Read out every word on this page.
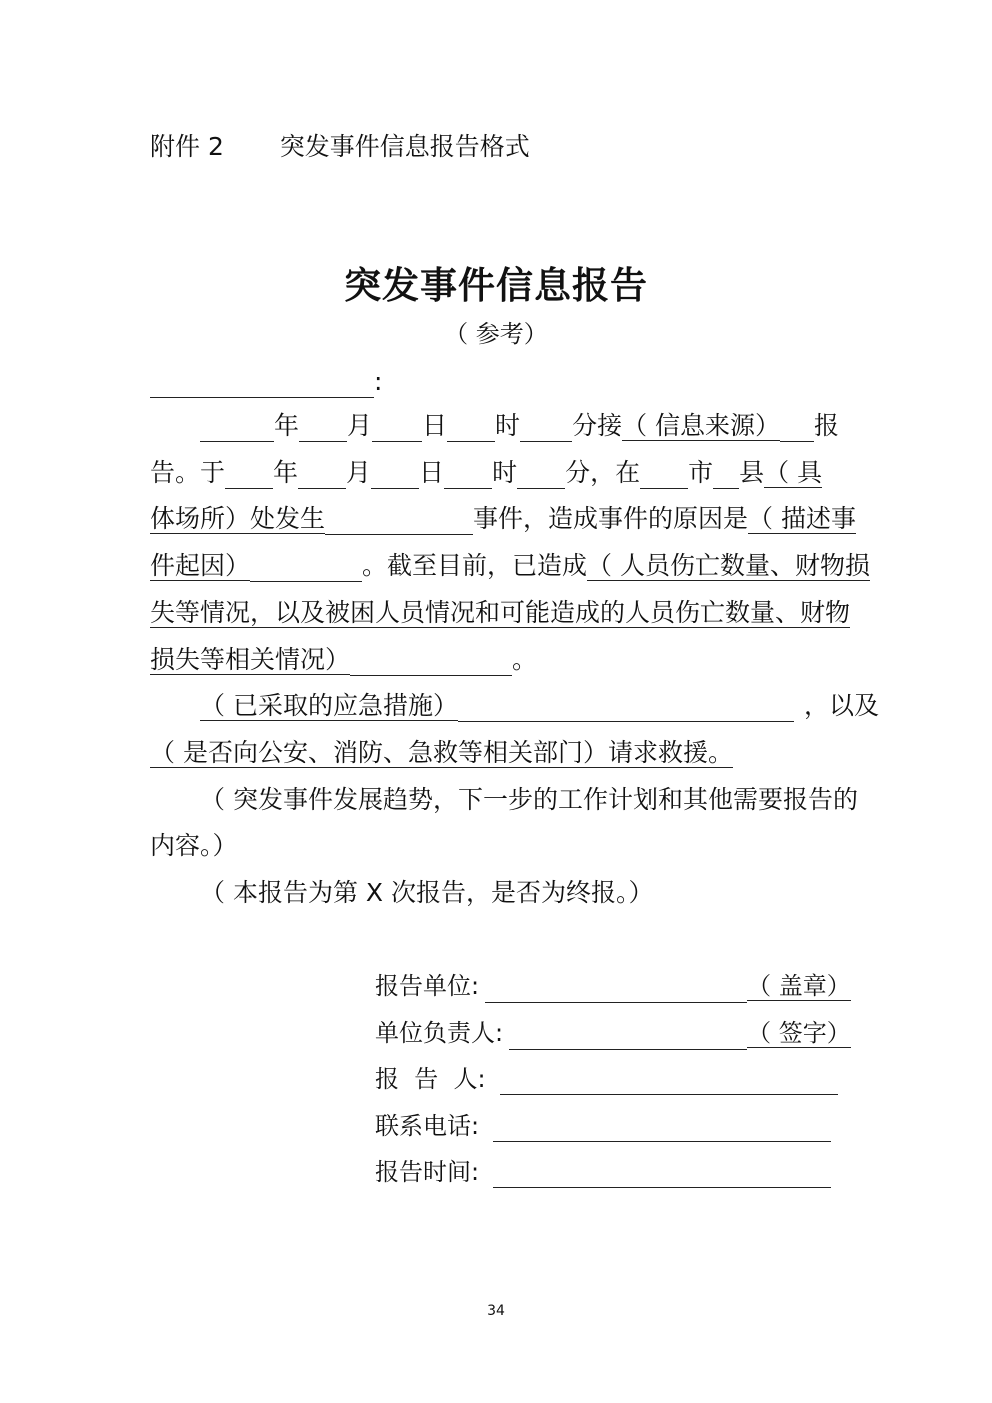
附件 2 突发事件信息报告格式
突发事件信息报告
（ 参考）
:
年 月 日 时 分接（ 信息来源） 报
告。于 年 月 日 时 分，在 市 县（ 具
体场所）处发生	事件，造成事件的原因是（ 描述事
件起因）	。截至目前，已造成（ 人员伤亡数量、财物损
失等情况，以及被困人员情况和可能造成的人员伤亡数量、财物
损失等相关情况）	。
（ 已采取的应急措施）	，以及
（ 是否向公安、消防、急救等相关部门）请求救援。
（ 突发事件发展趋势，下一步的工作计划和其他需要报告的
内容。）
（ 本报告为第 X 次报告，是否为终报。）
报告单位:	（ 盖章）
单位负责人:	（ 签字）
报  告  人:
联系电话:
报告时间:
34
